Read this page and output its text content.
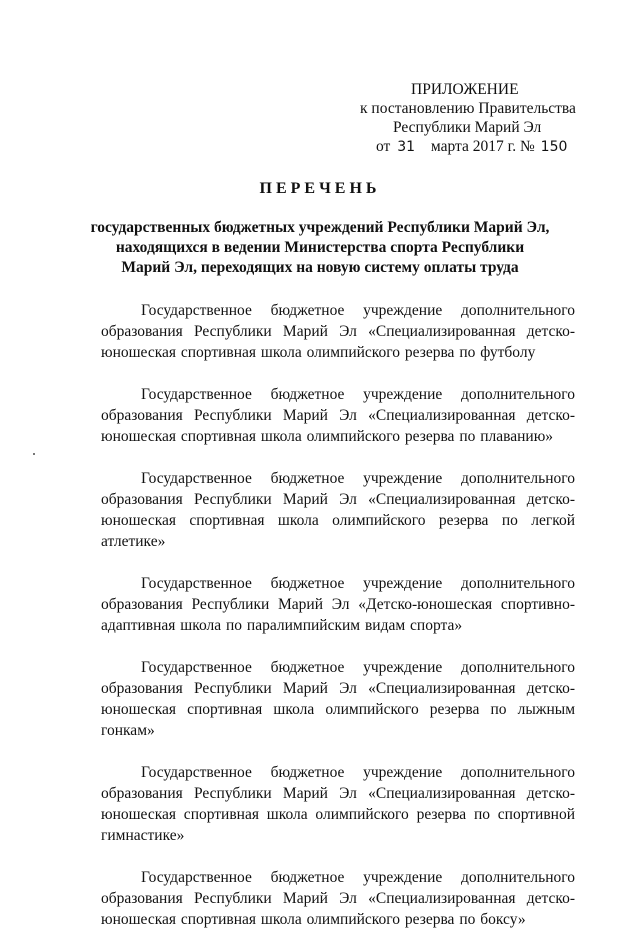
ПРИЛОЖЕНИЕ
к постановлению Правительства
Республики Марий Эл
от 31 марта 2017 г. № 150
ПЕРЕЧЕНЬ
государственных бюджетных учреждений Республики Марий Эл,
находящихся в ведении Министерства спорта Республики
Марий Эл, переходящих на новую систему оплаты труда

Государственное бюджетное учреждение дополнительного образования Республики Марий Эл «Специализированная детско-юношеская спортивная школа олимпийского резерва по футболу

Государственное бюджетное учреждение дополнительного образования Республики Марий Эл «Специализированная детско-юношеская спортивная школа олимпийского резерва по плаванию»

Государственное бюджетное учреждение дополнительного образования Республики Марий Эл «Специализированная детско-юношеская спортивная школа олимпийского резерва по легкой атлетике»

Государственное бюджетное учреждение дополнительного образования Республики Марий Эл «Детско-юношеская спортивно-адаптивная школа по паралимпийским видам спорта»

Государственное бюджетное учреждение дополнительного образования Республики Марий Эл «Специализированная детско-юношеская спортивная школа олимпийского резерва по лыжным гонкам»

Государственное бюджетное учреждение дополнительного образования Республики Марий Эл «Специализированная детско-юношеская спортивная школа олимпийского резерва по спортивной гимнастике»

Государственное бюджетное учреждение дополнительного образования Республики Марий Эл «Специализированная детско-юношеская спортивная школа олимпийского резерва по боксу»
